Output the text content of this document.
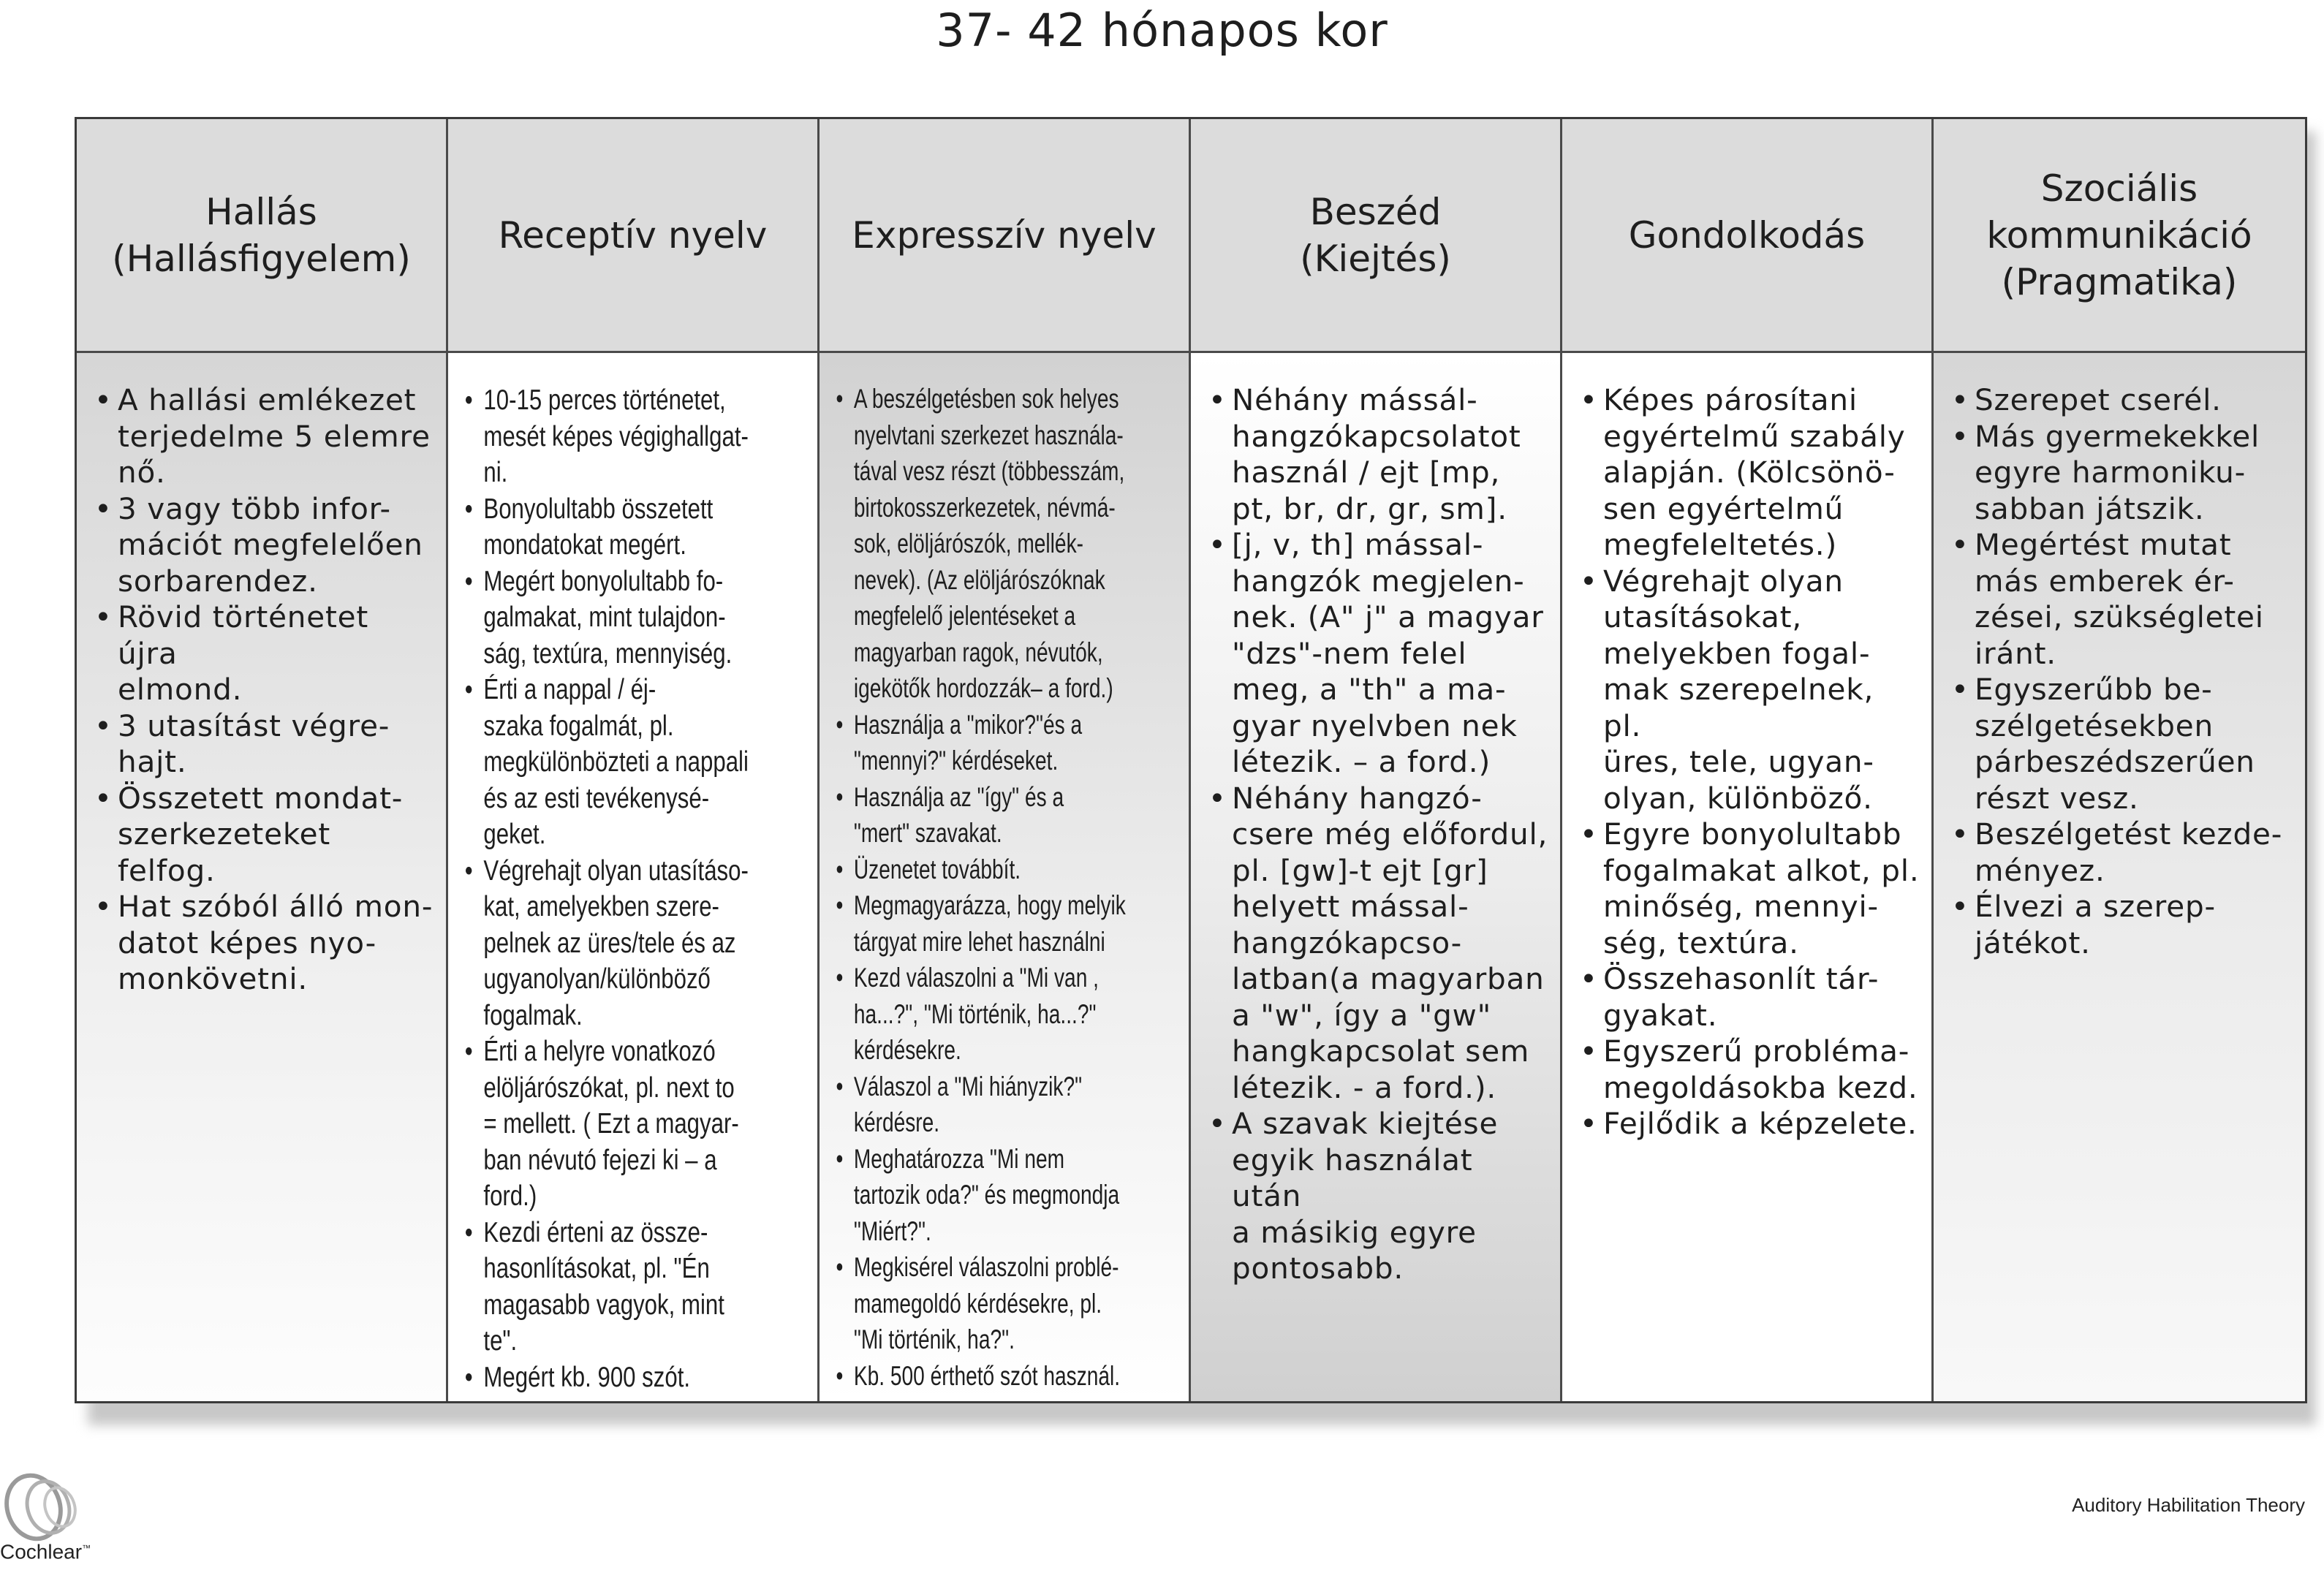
37- 42 hónapos kor
Hallás
(Hallásfigyelem)
• A hallási emlékezet
terjedelme 5 elemre
nő.
• 3 vagy több infor-
mációt megfelelően
sorbarendez.
• Rövid történetet újra
elmond.
• 3 utasítást végre-
hajt.
• Összetett mondat-
szerkezeteket felfog.
• Hat szóból álló mon-
datot képes nyo-
monkövetni.
Receptív nyelv
• 10-15 perces történetet,
mesét képes végighallgat-
ni.
• Bonyolultabb összetett
mondatokat megért.
• Megért bonyolultabb fo-
galmakat, mint tulajdon-
ság, textúra, mennyiség.
• Érti a nappal / éj-
szaka fogalmát, pl.
megkülönbözteti a nappali
és az esti tevékenysé-
geket.
• Végrehajt olyan utasításo-
kat, amelyekben szere-
pelnek az üres/tele és az
ugyanolyan/különböző
fogalmak.
• Érti a helyre vonatkozó
elöljárószókat, pl. next to
= mellett. ( Ezt a magyar-
ban névutó fejezi ki – a
ford.)
• Kezdi érteni az össze-
hasonlításokat, pl. "Én
magasabb vagyok, mint
te".
• Megért kb. 900 szót.
Expresszív nyelv
• A beszélgetésben sok helyes
nyelvtani szerkezet használa-
tával vesz részt (többesszám,
birtokosszerkezetek, névmá-
sok, elöljárószók, mellék-
nevek). (Az elöljárószóknak
megfelelő jelentéseket a
magyarban ragok, névutók,
igekötők hordozzák– a ford.)
• Használja a "mikor?"és a
"mennyi?" kérdéseket.
• Használja az "így" és a
"mert" szavakat.
• Üzenetet továbbít.
• Megmagyarázza, hogy melyik
tárgyat mire lehet használni
• Kezd válaszolni a "Mi van ,
ha...?", "Mi történik, ha...?"
kérdésekre.
• Válaszol a "Mi hiányzik?"
kérdésre.
• Meghatározza "Mi nem
tartozik oda?" és megmondja
"Miért?".
• Megkisérel válaszolni problé-
mamegoldó kérdésekre, pl.
"Mi történik, ha?".
• Kb. 500 érthető szót használ.
Beszéd
(Kiejtés)
• Néhány mássál-
hangzókapcsolatot
használ / ejt [mp,
pt, br, dr, gr, sm].
• [j, v, th] mással-
hangzók megjelen-
nek. (A" j" a magyar
"dzs"-nem felel
meg, a "th" a ma-
gyar nyelvben nek
létezik. – a ford.)
• Néhány hangzó-
csere még előfordul,
pl. [gw]-t ejt [gr]
helyett mással-
hangzókapcso-
latban(a magyarban
a "w", így a "gw"
hangkapcsolat sem
létezik. - a ford.).
• A szavak kiejtése
egyik használat után
a másikig egyre
pontosabb.
Gondolkodás
• Képes párosítani
egyértelmű szabály
alapján. (Kölcsönö-
sen egyértelmű
megfeleltetés.)
• Végrehajt olyan
utasításokat,
melyekben fogal-
mak szerepelnek, pl.
üres, tele, ugyan-
olyan, különböző.
• Egyre bonyolultabb
fogalmakat alkot, pl.
minőség, mennyi-
ség, textúra.
• Összehasonlít tár-
gyakat.
• Egyszerű probléma-
megoldásokba kezd.
• Fejlődik a képzelete.
Szociális
kommunikáció
(Pragmatika)
• Szerepet cserél.
• Más gyermekekkel
egyre harmoniku-
sabban játszik.
• Megértést mutat
más emberek ér-
zései, szükségletei
iránt.
• Egyszerűbb be-
szélgetésekben
párbeszédszerűen
részt vesz.
• Beszélgetést kezde-
ményez.
• Élvezi a szerep-
játékot.
Cochlear™
Auditory Habilitation Theory
